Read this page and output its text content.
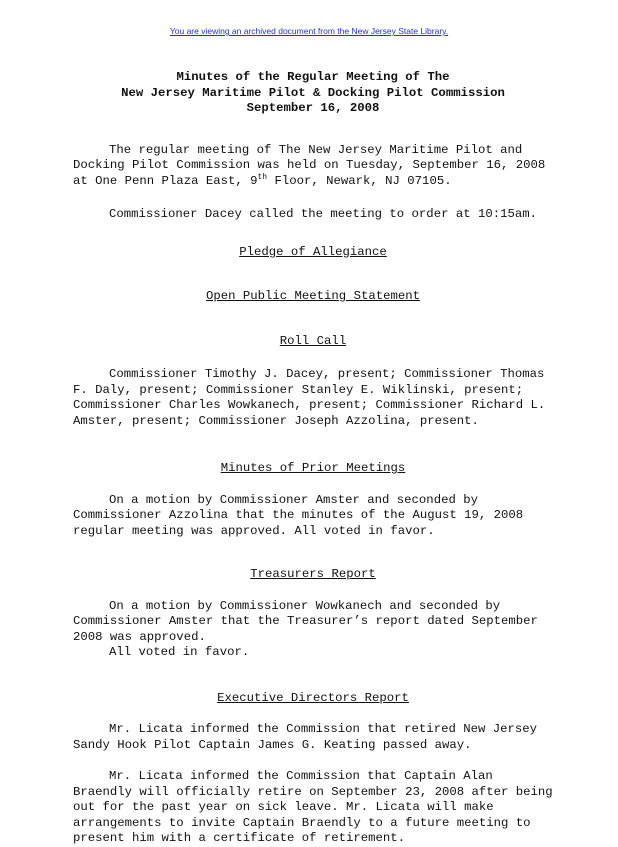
You are viewing an archived document from the New Jersey State Library.
Minutes of the Regular Meeting of The
New Jersey Maritime Pilot & Docking Pilot Commission
September 16, 2008

The regular meeting of The New Jersey Maritime Pilot and Docking Pilot Commission was held on Tuesday, September 16, 2008 at One Penn Plaza East, 9th Floor, Newark, NJ 07105.

Commissioner Dacey called the meeting to order at 10:15am.

Pledge of Allegiance

Open Public Meeting Statement

Roll Call

Commissioner Timothy J. Dacey, present; Commissioner Thomas F. Daly, present; Commissioner Stanley E. Wiklinski, present; Commissioner Charles Wowkanech, present; Commissioner Richard L. Amster, present; Commissioner Joseph Azzolina, present.

Minutes of Prior Meetings

On a motion by Commissioner Amster and seconded by Commissioner Azzolina that the minutes of the August 19, 2008 regular meeting was approved. All voted in favor.

Treasurers Report

On a motion by Commissioner Wowkanech and seconded by Commissioner Amster that the Treasurer’s report dated September 2008 was approved.

All voted in favor.

Executive Directors Report

Mr. Licata informed the Commission that retired New Jersey Sandy Hook Pilot Captain James G. Keating passed away.

Mr. Licata informed the Commission that Captain Alan Braendly will officially retire on September 23, 2008 after being out for the past year on sick leave. Mr. Licata will make arrangements to invite Captain Braendly to a future meeting to present him with a certificate of retirement.
